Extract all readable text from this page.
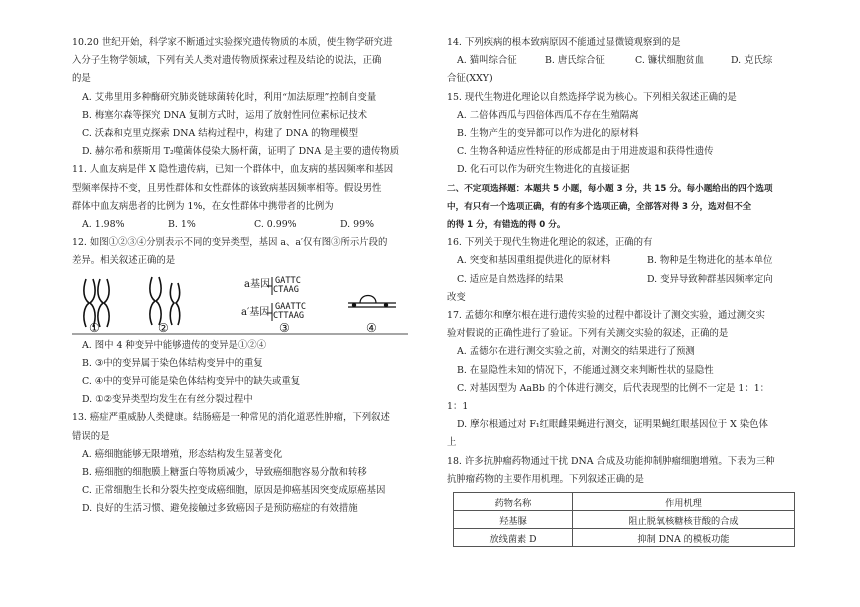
10.20 世纪开始，科学家不断通过实验探究遗传物质的本质，使生物学研究进
入分子生物学领域，下列有关人类对遗传物质探索过程及结论的说法，正确
的是
A. 艾弗里用多种酶研究肺炎链球菌转化时，利用“加法原理”控制自变量
B. 梅塞尔森等探究 DNA 复制方式时，运用了放射性同位素标记技术
C. 沃森和克里克探索 DNA 结构过程中，构建了 DNA 的物理模型
D. 赫尔希和蔡斯用 T₂噬菌体侵染大肠杆菌，证明了 DNA 是主要的遗传物质
11. 人血友病是伴 X 隐性遗传病，已知一个群体中，血友病的基因频率和基因
型频率保持不变，且男性群体和女性群体的该致病基因频率相等。假设男性
群体中血友病患者的比例为 1%，在女性群体中携带者的比例为
A. 1.98%	B. 1%	C. 0.99%	D. 99%
12. 如图①②③④分别表示不同的变异类型，基因 a、a′仅有图③所示片段的
差异。相关叙述正确的是
a基因 GATTC
CTAAG
a′基因 GAATTC
CTTAAG
①	②	③	④
A. 图中 4 种变异中能够遗传的变异是①②④
B. ③中的变异属于染色体结构变异中的重复
C. ④中的变异可能是染色体结构变异中的缺失或重复
D. ①②变异类型均发生在有丝分裂过程中
13. 癌症严重威胁人类健康。结肠癌是一种常见的消化道恶性肿瘤，下列叙述
错误的是
A. 癌细胞能够无限增殖，形态结构发生显著变化
B. 癌细胞的细胞膜上糖蛋白等物质减少，导致癌细胞容易分散和转移
C. 正常细胞生长和分裂失控变成癌细胞，原因是抑癌基因突变成原癌基因
D. 良好的生活习惯、避免接触过多致癌因子是预防癌症的有效措施
14. 下列疾病的根本致病原因不能通过显微镜观察到的是
A. 猫叫综合征	B. 唐氏综合征	C. 镰状细胞贫血	D. 克氏综
合征(XXY)
15. 现代生物进化理论以自然选择学说为核心。下列相关叙述正确的是
A. 二倍体西瓜与四倍体西瓜不存在生殖隔离
B. 生物产生的变异都可以作为进化的原材料
C. 生物各种适应性特征的形成都是由于用进废退和获得性遗传
D. 化石可以作为研究生物进化的直接证据
二、不定项选择题：本题共 5 小题，每小题 3 分，共 15 分。每小题给出的四个选项
中，有只有一个选项正确，有的有多个选项正确，全部答对得 3 分，选对但不全
的得 1 分，有错选的得 0 分。
16. 下列关于现代生物进化理论的叙述，正确的有
A. 突变和基因重组提供进化的原材料	B. 物种是生物进化的基本单位
C. 适应是自然选择的结果	D. 变异导致种群基因频率定向
改变
17. 孟德尔和摩尔根在进行遗传实验的过程中都设计了测交实验，通过测交实
验对假说的正确性进行了验证。下列有关测交实验的叙述，正确的是
A. 孟德尔在进行测交实验之前，对测交的结果进行了预测
B. 在显隐性未知的情况下，不能通过测交来判断性状的显隐性
C. 对基因型为 AaBb 的个体进行测交，后代表现型的比例不一定是 1：1：
1：1
D. 摩尔根通过对 F₁红眼雌果蝇进行测交，证明果蝇红眼基因位于 X 染色体
上
18. 许多抗肿瘤药物通过干扰 DNA 合成及功能抑制肿瘤细胞增殖。下表为三种
抗肿瘤药物的主要作用机理。下列叙述正确的是
药物名称	作用机理
羟基脲	阻止脱氧核糖核苷酸的合成
放线菌素 D	抑制 DNA 的模板功能
